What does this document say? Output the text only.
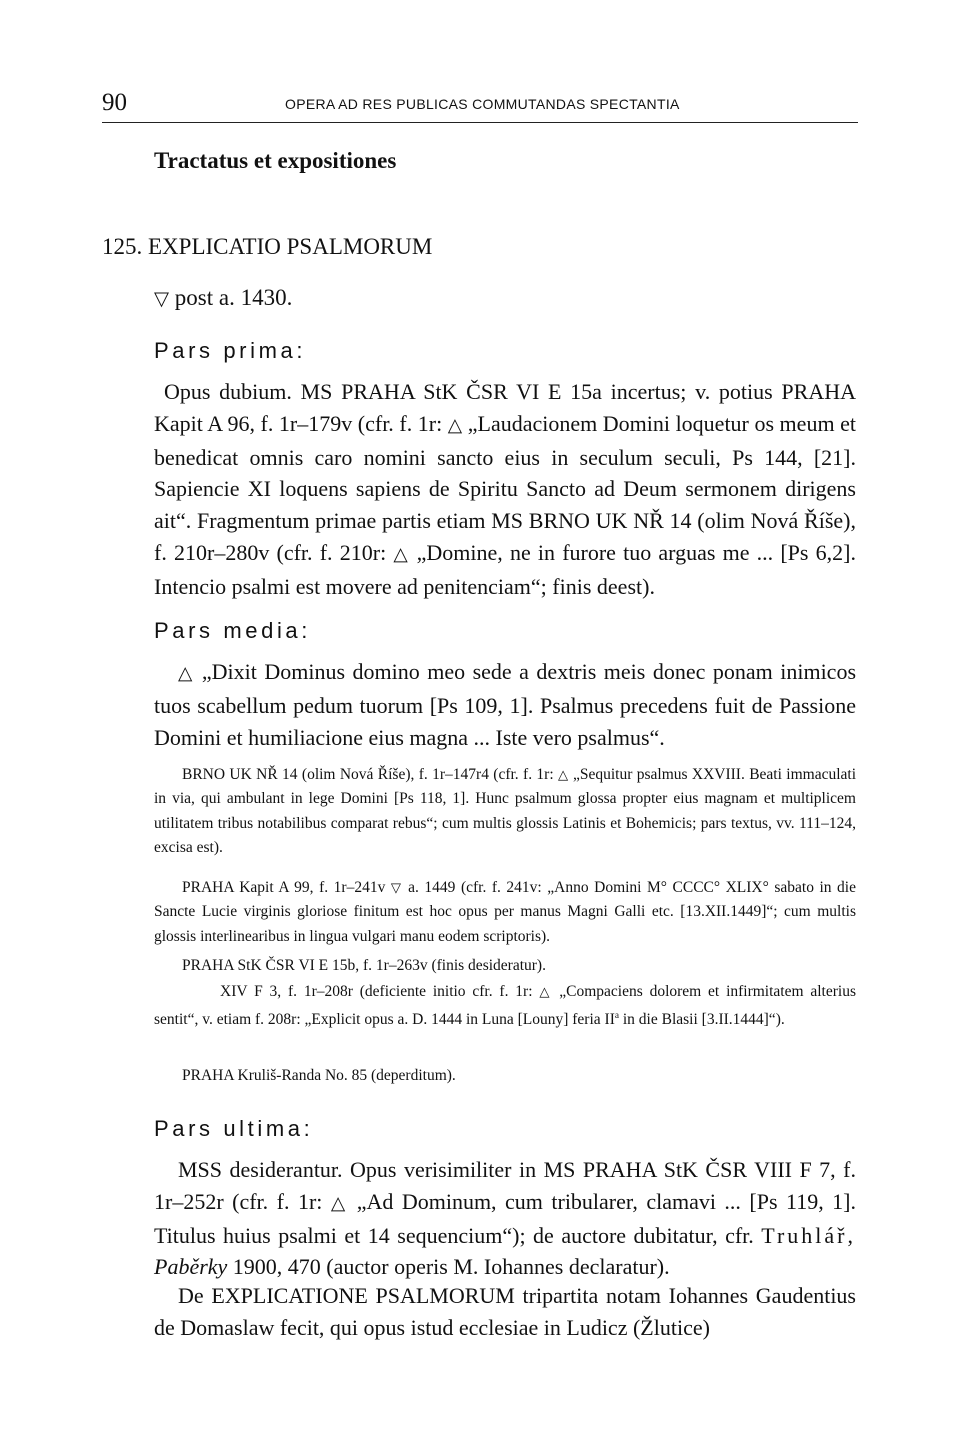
90	OPERA AD RES PUBLICAS COMMUTANDAS SPECTANTIA
Tractatus et expositiones
125. EXPLICATIO PSALMORUM
▽ post a. 1430.
Pars prima:

Opus dubium. MS PRAHA StK ČSR VI E 15a incertus; v. potius PRAHA Kapit A 96, f. 1r–179v (cfr. f. 1r: △ „Laudacionem Domini loquetur os meum et benedicat omnis caro nomini sancto eius in seculum seculi, Ps 144, [21]. Sapiencie XI loquens sapiens de Spiritu Sancto ad Deum sermonem dirigens ait“. Fragmentum primae partis etiam MS BRNO UK NŘ 14 (olim Nová Říše), f. 210r–280v (cfr. f. 210r: △ „Domine, ne in furore tuo arguas me ... [Ps 6,2]. Intencio psalmi est movere ad penitenciam“; finis deest).

Pars media:

△ „Dixit Dominus domino meo sede a dextris meis donec ponam inimicos tuos scabellum pedum tuorum [Ps 109, 1]. Psalmus precedens fuit de Passione Domini et humiliacione eius magna ... Iste vero psalmus“.

BRNO UK NŘ 14 (olim Nová Říše), f. 1r–147r4 (cfr. f. 1r: △ „Sequitur psalmus XXVIII. Beati immaculati in via, qui ambulant in lege Domini [Ps 118, 1]. Hunc psalmum glossa propter eius magnam et multiplicem utilitatem tribus notabilibus comparat rebus“; cum multis glossis Latinis et Bohemicis; pars textus, vv. 111–124, excisa est).

PRAHA Kapit A 99, f. 1r–241v ▽ a. 1449 (cfr. f. 241v: „Anno Domini M° CCCC° XLIX° sabato in die Sancte Lucie virginis gloriose finitum est hoc opus per manus Magni Galli etc. [13.XII.1449]“; cum multis glossis interlinearibus in lingua vulgari manu eodem scriptoris).

PRAHA StK ČSR VI E 15b, f. 1r–263v (finis desideratur).

XIV F 3, f. 1r–208r (deficiente initio cfr. f. 1r: △ „Compaciens dolorem et infirmitatem alterius sentit“, v. etiam f. 208r: „Explicit opus a. D. 1444 in Luna [Louny] feria $II^a$ in die Blasii [3.II.1444]“).

PRAHA Kruliš-Randa No. 85 (deperditum).
Pars ultima:

MSS desiderantur. Opus verisimiliter in MS PRAHA StK ČSR VIII F 7, f. 1r–252r (cfr. f. 1r: △ „Ad Dominum, cum tribularer, clamavi ... [Ps 119, 1]. Titulus huius psalmi et 14 sequencium“); de auctore dubitatur, cfr. Truhlář, Paběrky 1900, 470 (auctor operis M. Iohannes declaratur).

De EXPLICATIONE PSALMORUM tripartita notam Iohannes Gaudentius de Domaslaw fecit, qui opus istud ecclesiae in Ludicz (Žlutice)
